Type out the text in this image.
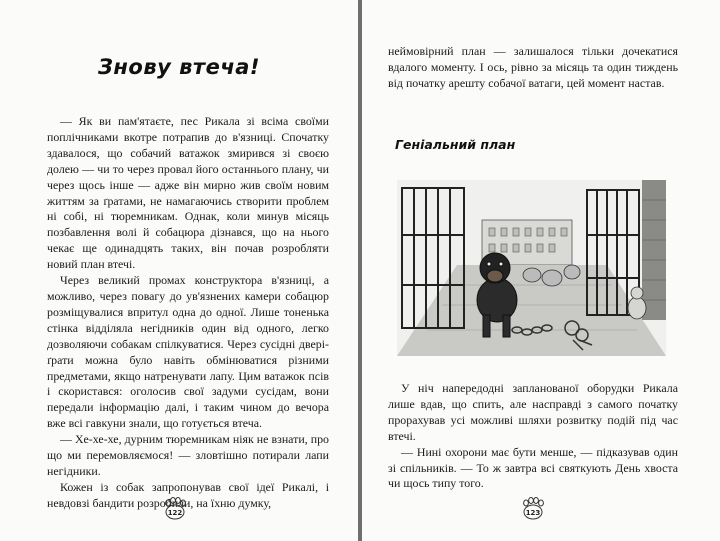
Знову втеча!

— Як ви пам'ятаєте, пес Рикала зі всіма своїми поплічниками вкотре потрапив до в'язниці. Спочатку здавалося, що собачий ватажок змирився зі своєю долею — чи то через провал його останнього плану, чи через щось інше — адже він мирно жив своїм новим життям за ґратами, не намагаючись створити проблем ні собі, ні тюремникам. Однак, коли минув місяць позбавлення волі й собацюра дізнався, що на нього чекає ще одинадцять таких, він почав розробляти новий план втечі.

Через великий промах конструктора в'язниці, а можливо, через повагу до ув'язнених камери собацюр розміщувалися впритул одна до одної. Лише тоненька стінка відділяла негідників один від одного, легко дозволяючи собакам спілкуватися. Через сусідні двері-ґрати можна було навіть обмінюватися різними предметами, якщо натренувати лапу. Цим ватажок псів і скористався: оголосив свої задуми сусідам, вони передали інформацію далі, і таким чином до вечора вже всі гавкуни знали, що готується втеча.

— Хе-хе-хе, дурним тюремникам ніяк не взнати, про що ми перемовляємося! — зловтішно потирали лапи негідники.

Кожен із собак запропонував свої ідеї Рикалі, і невдовзі бандити розробили, на їхню думку,

122

неймовірний план — залишалося тільки дочекатися вдалого моменту. І ось, рівно за місяць та один тиждень від початку арешту собачої ватаги, цей момент настав.

Геніальний план

У ніч напередодні запланованої оборудки Рикала лише вдав, що спить, але насправді з самого початку прорахував усі можливі шляхи розвитку подій під час втечі.

— Нині охорони має бути менше, — підказував один зі спільників. — То ж завтра всі святкують День хвоста чи щось типу того.

123
